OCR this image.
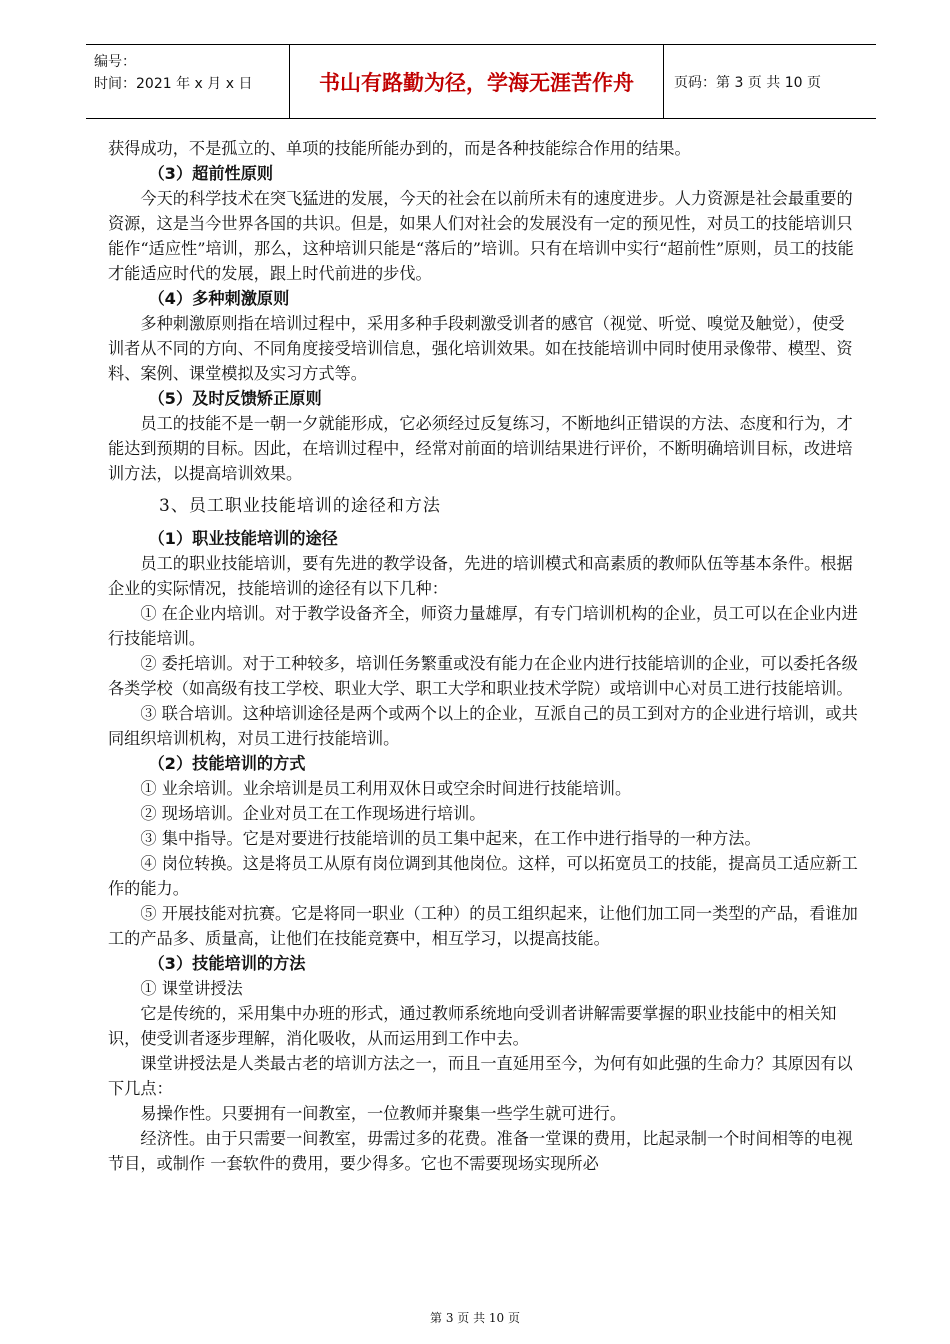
编号：
时间：2021 年 x 月 x 日	书山有路勤为径，学海无涯苦作舟	页码：第 3 页 共 10 页

获得成功，不是孤立的、单项的技能所能办到的，而是各种技能综合作用的结果。

（3）超前性原则

今天的科学技术在突飞猛进的发展，今天的社会在以前所未有的速度进步。人力资源是社会最重要的资源，这是当今世界各国的共识。但是，如果人们对社会的发展没有一定的预见性，对员工的技能培训只能作“适应性”培训，那么，这种培训只能是“落后的”培训。只有在培训中实行“超前性”原则，员工的技能才能适应时代的发展，跟上时代前进的步伐。

（4）多种刺激原则

多种刺激原则指在培训过程中，采用多种手段刺激受训者的感官（视觉、听觉、嗅觉及触觉），使受训者从不同的方向、不同角度接受培训信息，强化培训效果。如在技能培训中同时使用录像带、模型、资料、案例、课堂模拟及实习方式等。

（5）及时反馈矫正原则

员工的技能不是一朝一夕就能形成，它必须经过反复练习，不断地纠正错误的方法、态度和行为，才能达到预期的目标。因此，在培训过程中，经常对前面的培训结果进行评价，不断明确培训目标，改进培训方法，以提高培训效果。

3、员工职业技能培训的途径和方法

（1）职业技能培训的途径

员工的职业技能培训，要有先进的教学设备，先进的培训模式和高素质的教师队伍等基本条件。根据企业的实际情况，技能培训的途径有以下几种：

① 在企业内培训。对于教学设备齐全，师资力量雄厚，有专门培训机构的企业，员工可以在企业内进行技能培训。

② 委托培训。对于工种较多，培训任务繁重或没有能力在企业内进行技能培训的企业，可以委托各级各类学校（如高级有技工学校、职业大学、职工大学和职业技术学院）或培训中心对员工进行技能培训。

③ 联合培训。这种培训途径是两个或两个以上的企业，互派自己的员工到对方的企业进行培训，或共同组织培训机构，对员工进行技能培训。

（2）技能培训的方式

① 业余培训。业余培训是员工利用双休日或空余时间进行技能培训。

② 现场培训。企业对员工在工作现场进行培训。

③ 集中指导。它是对要进行技能培训的员工集中起来，在工作中进行指导的一种方法。

④ 岗位转换。这是将员工从原有岗位调到其他岗位。这样，可以拓宽员工的技能，提高员工适应新工作的能力。

⑤ 开展技能对抗赛。它是将同一职业（工种）的员工组织起来，让他们加工同一类型的产品，看谁加工的产品多、质量高，让他们在技能竞赛中，相互学习，以提高技能。

（3）技能培训的方法

① 课堂讲授法

它是传统的，采用集中办班的形式，通过教师系统地向受训者讲解需要掌握的职业技能中的相关知识，使受训者逐步理解，消化吸收，从而运用到工作中去。

课堂讲授法是人类最古老的培训方法之一，而且一直延用至今，为何有如此强的生命力？其原因有以下几点：

易操作性。只要拥有一间教室，一位教师并聚集一些学生就可进行。

经济性。由于只需要一间教室，毋需过多的花费。准备一堂课的费用，比起录制一个时间相等的电视节目，或制作 一套软件的费用，要少得多。它也不需要现场实现所必

第 3 页 共 10 页
